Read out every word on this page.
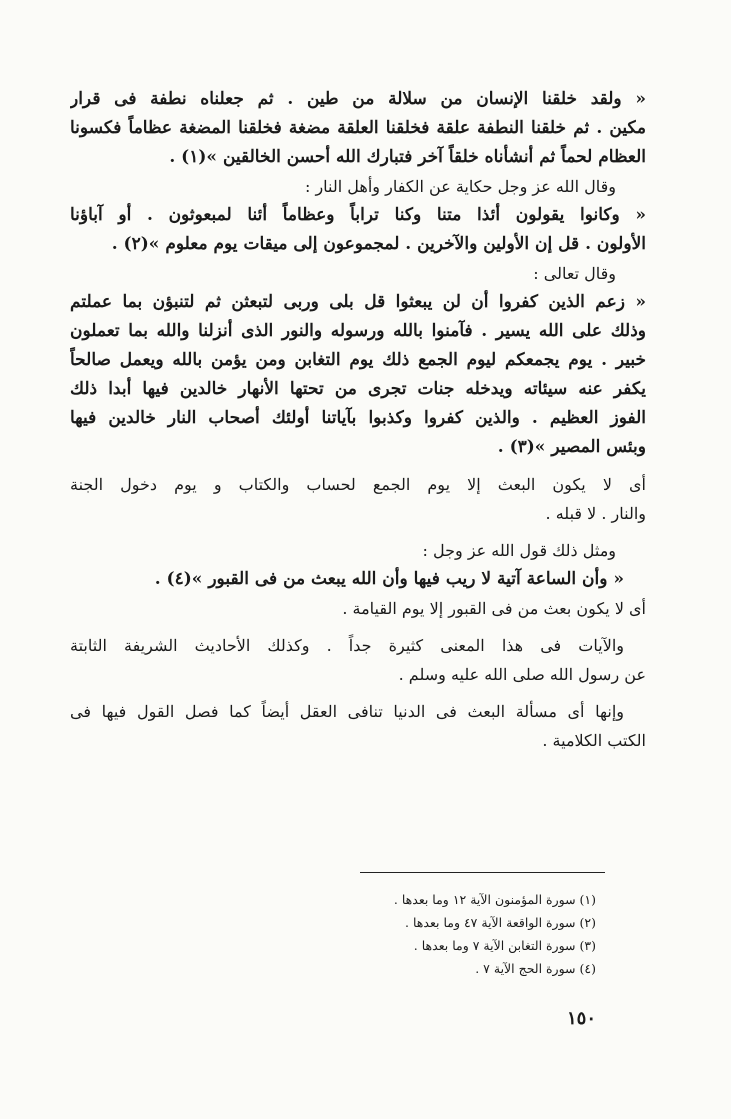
« ولقد خلقنا الإنسان من سلالة من طين . ثم جعلناه نطفة فى قرار
مكين . ثم خلقنا النطفة علقة فخلقنا العلقة مضغة فخلقنا المضغة عظاماً فكسونا
العظام لحماً ثم أنشأناه خلقاً آخر فتبارك الله أحسن الخالقين »(١) .
وقال الله عز وجل حكاية عن الكفار وأهل النار :
« وكانوا يقولون أئذا متنا وكنا تراباً وعظاماً أئنا لمبعوثون . أو آباؤنا
الأولون . قل إن الأولين والآخرين . لمجموعون إلى ميقات يوم معلوم »(٢) .
وقال تعالى :
« زعم الذين كفروا أن لن يبعثوا قل بلى وربى لتبعثن ثم لتنبؤن بما عملتم
وذلك على الله يسير . فآمنوا بالله ورسوله والنور الذى أنزلنا والله بما تعملون
خبير . يوم يجمعكم ليوم الجمع ذلك يوم التغابن ومن يؤمن بالله ويعمل صالحاً
يكفر عنه سيئاته ويدخله جنات تجرى من تحتها الأنهار خالدين فيها أبدا ذلك
الفوز العظيم . والذين كفروا وكذبوا بآياتنا أولئك أصحاب النار خالدين فيها
وبئس المصير »(٣) .
أى لا يكون البعث إلا يوم الجمع لحساب والكتاب و يوم دخول الجنة
والنار . لا قبله .
ومثل ذلك قول الله عز وجل :
« وأن الساعة آتية لا ريب فيها وأن الله يبعث من فى القبور »(٤) .
أى لا يكون بعث من فى القبور إلا يوم القيامة .
والآيات فى هذا المعنى كثيرة جداً . وكذلك الأحاديث الشريفة الثابتة
عن رسول الله صلى الله عليه وسلم .
وإنها أى مسألة البعث فى الدنيا تنافى العقل أيضاً كما فصل القول فيها فى
الكتب الكلامية .
(١) سورة المؤمنون الآية ١٢ وما بعدها .
(٢) سورة الواقعة الآية ٤٧ وما بعدها .
(٣) سورة التغابن الآية ٧ وما بعدها .
(٤) سورة الحج الآية ٧ .
١٥٠
